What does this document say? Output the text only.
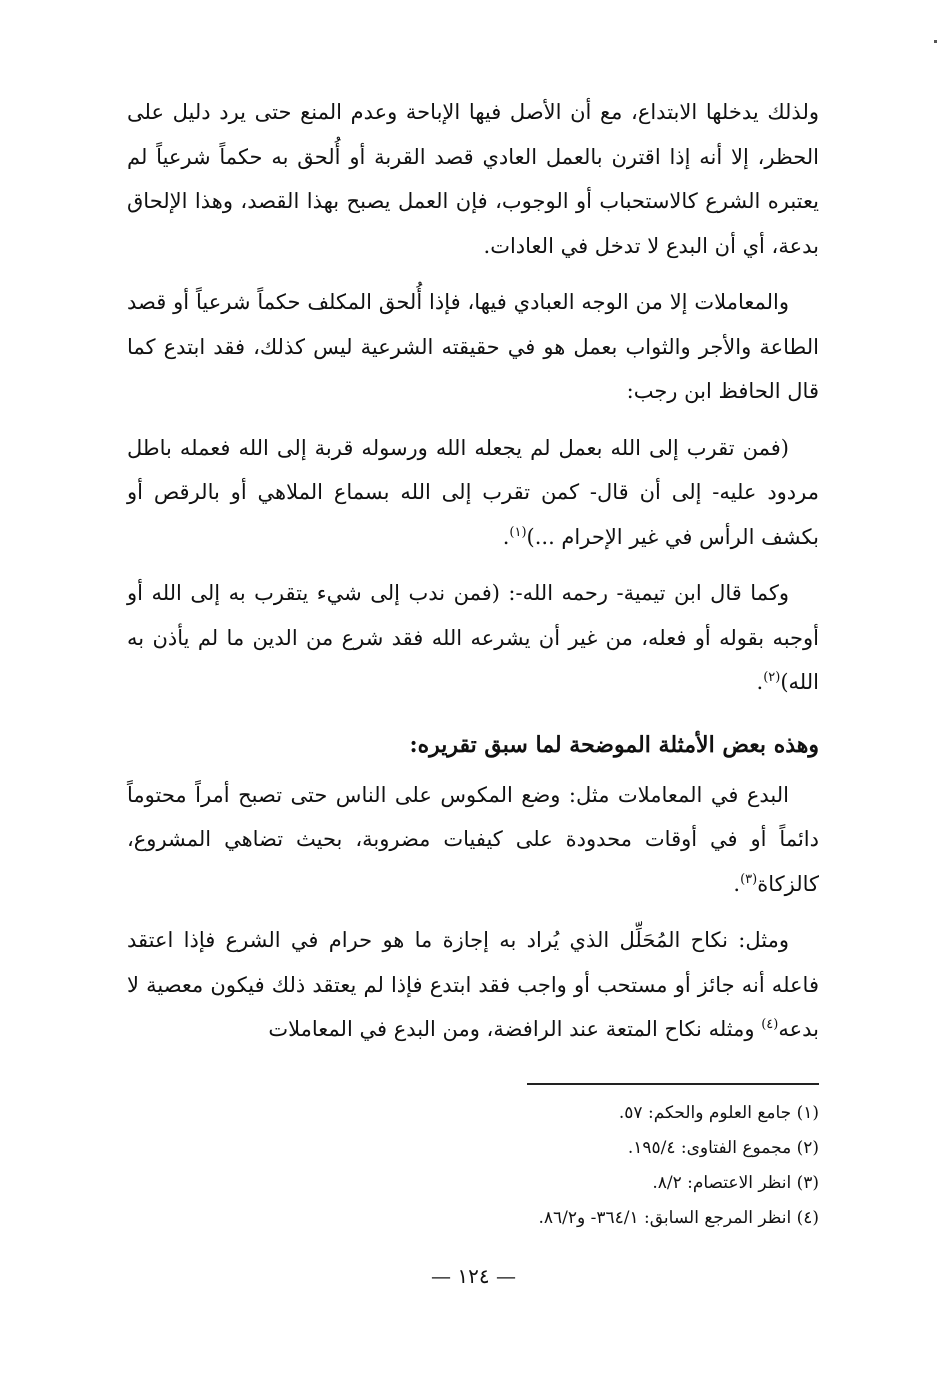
ولذلك يدخلها الابتداع، مع أن الأصل فيها الإباحة وعدم المنع حتى يرد دليل على الحظر، إلا أنه إذا اقترن بالعمل العادي قصد القربة أو أُلحق به حكماً شرعياً لم يعتبره الشرع كالاستحباب أو الوجوب، فإن العمل يصبح بهذا القصد، وهذا الإلحاق بدعة، أي أن البدع لا تدخل في العادات.

والمعاملات إلا من الوجه العبادي فيها، فإذا أُلحق المكلف حكماً شرعياً أو قصد الطاعة والأجر والثواب بعمل هو في حقيقته الشرعية ليس كذلك، فقد ابتدع كما قال الحافظ ابن رجب:

(فمن تقرب إلى الله بعمل لم يجعله الله ورسوله قربة إلى الله فعمله باطل مردود عليه- إلى أن قال- كمن تقرب إلى الله بسماع الملاهي أو بالرقص أو بكشف الرأس في غير الإحرام ...)$^{(١)}$.

وكما قال ابن تيمية- رحمه الله-: (فمن ندب إلى شيء يتقرب به إلى الله أو أوجبه بقوله أو فعله، من غير أن يشرعه الله فقد شرع من الدين ما لم يأذن به الله)$^{(٢)}$.

وهذه بعض الأمثلة الموضحة لما سبق تقريره:

البدع في المعاملات مثل: وضع المكوس على الناس حتى تصبح أمراً محتوماً دائماً أو في أوقات محدودة على كيفيات مضروبة، بحيث تضاهي المشروع، كالزكاة$^{(٣)}$.

ومثل: نكاح المُحَلِّل الذي يُراد به إجازة ما هو حرام في الشرع فإذا اعتقد فاعله أنه جائز أو مستحب أو واجب فقد ابتدع فإذا لم يعتقد ذلك فيكون معصية لا بدعه$^{(٤)}$ ومثله نكاح المتعة عند الرافضة، ومن البدع في المعاملات

(١) جامع العلوم والحكم: ٥٧.

(٢) مجموع الفتاوى: ١٩٥/٤.

(٣) انظر الاعتصام: ٨/٢.

(٤) انظر المرجع السابق: ٣٦٤/١- و٨٦/٢.

— ١٢٤ —
